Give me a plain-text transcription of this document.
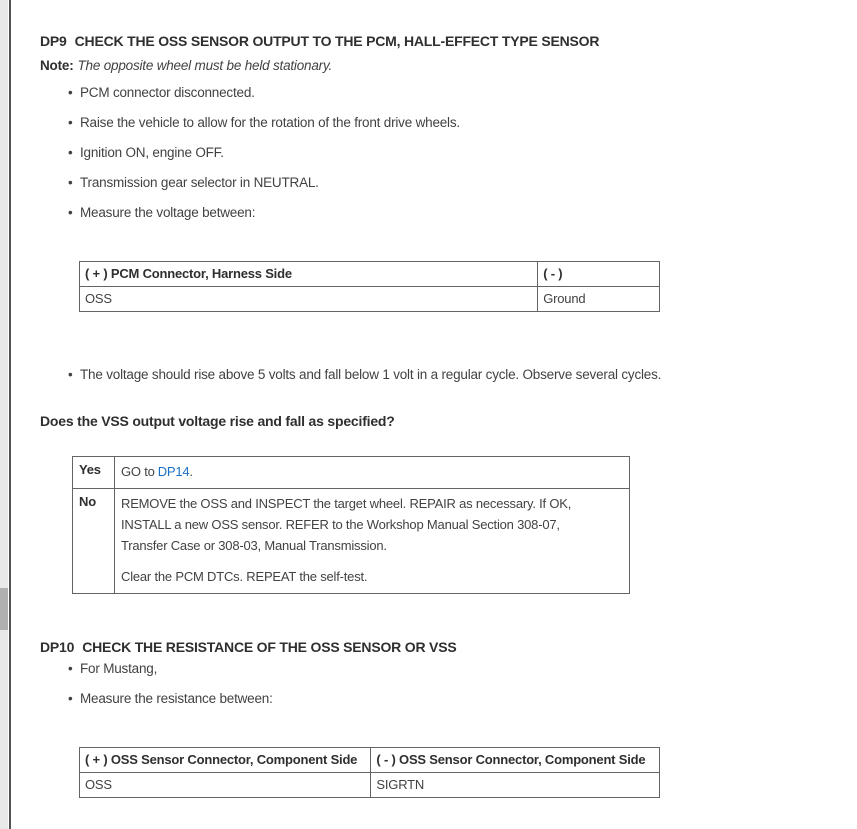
DP9 CHECK THE OSS SENSOR OUTPUT TO THE PCM, HALL-EFFECT TYPE SENSOR

Note: The opposite wheel must be held stationary.

• PCM connector disconnected.
• Raise the vehicle to allow for the rotation of the front drive wheels.
• Ignition ON, engine OFF.
• Transmission gear selector in NEUTRAL.
• Measure the voltage between:
( + ) PCM Connector, Harness Side	( - )
OSS	Ground
• The voltage should rise above 5 volts and fall below 1 volt in a regular cycle. Observe several cycles.

Does the VSS output voltage rise and fall as specified?

Yes	GO to DP14.
No	REMOVE the OSS and INSPECT the target wheel. REPAIR as necessary. If OK, INSTALL a new OSS sensor. REFER to the Workshop Manual Section 308-07, Transfer Case or 308-03, Manual Transmission.

Clear the PCM DTCs. REPEAT the self-test.

DP10 CHECK THE RESISTANCE OF THE OSS SENSOR OR VSS
• For Mustang,
• Measure the resistance between:
( + ) OSS Sensor Connector, Component Side	( - ) OSS Sensor Connector, Component Side
OSS	SIGRTN
